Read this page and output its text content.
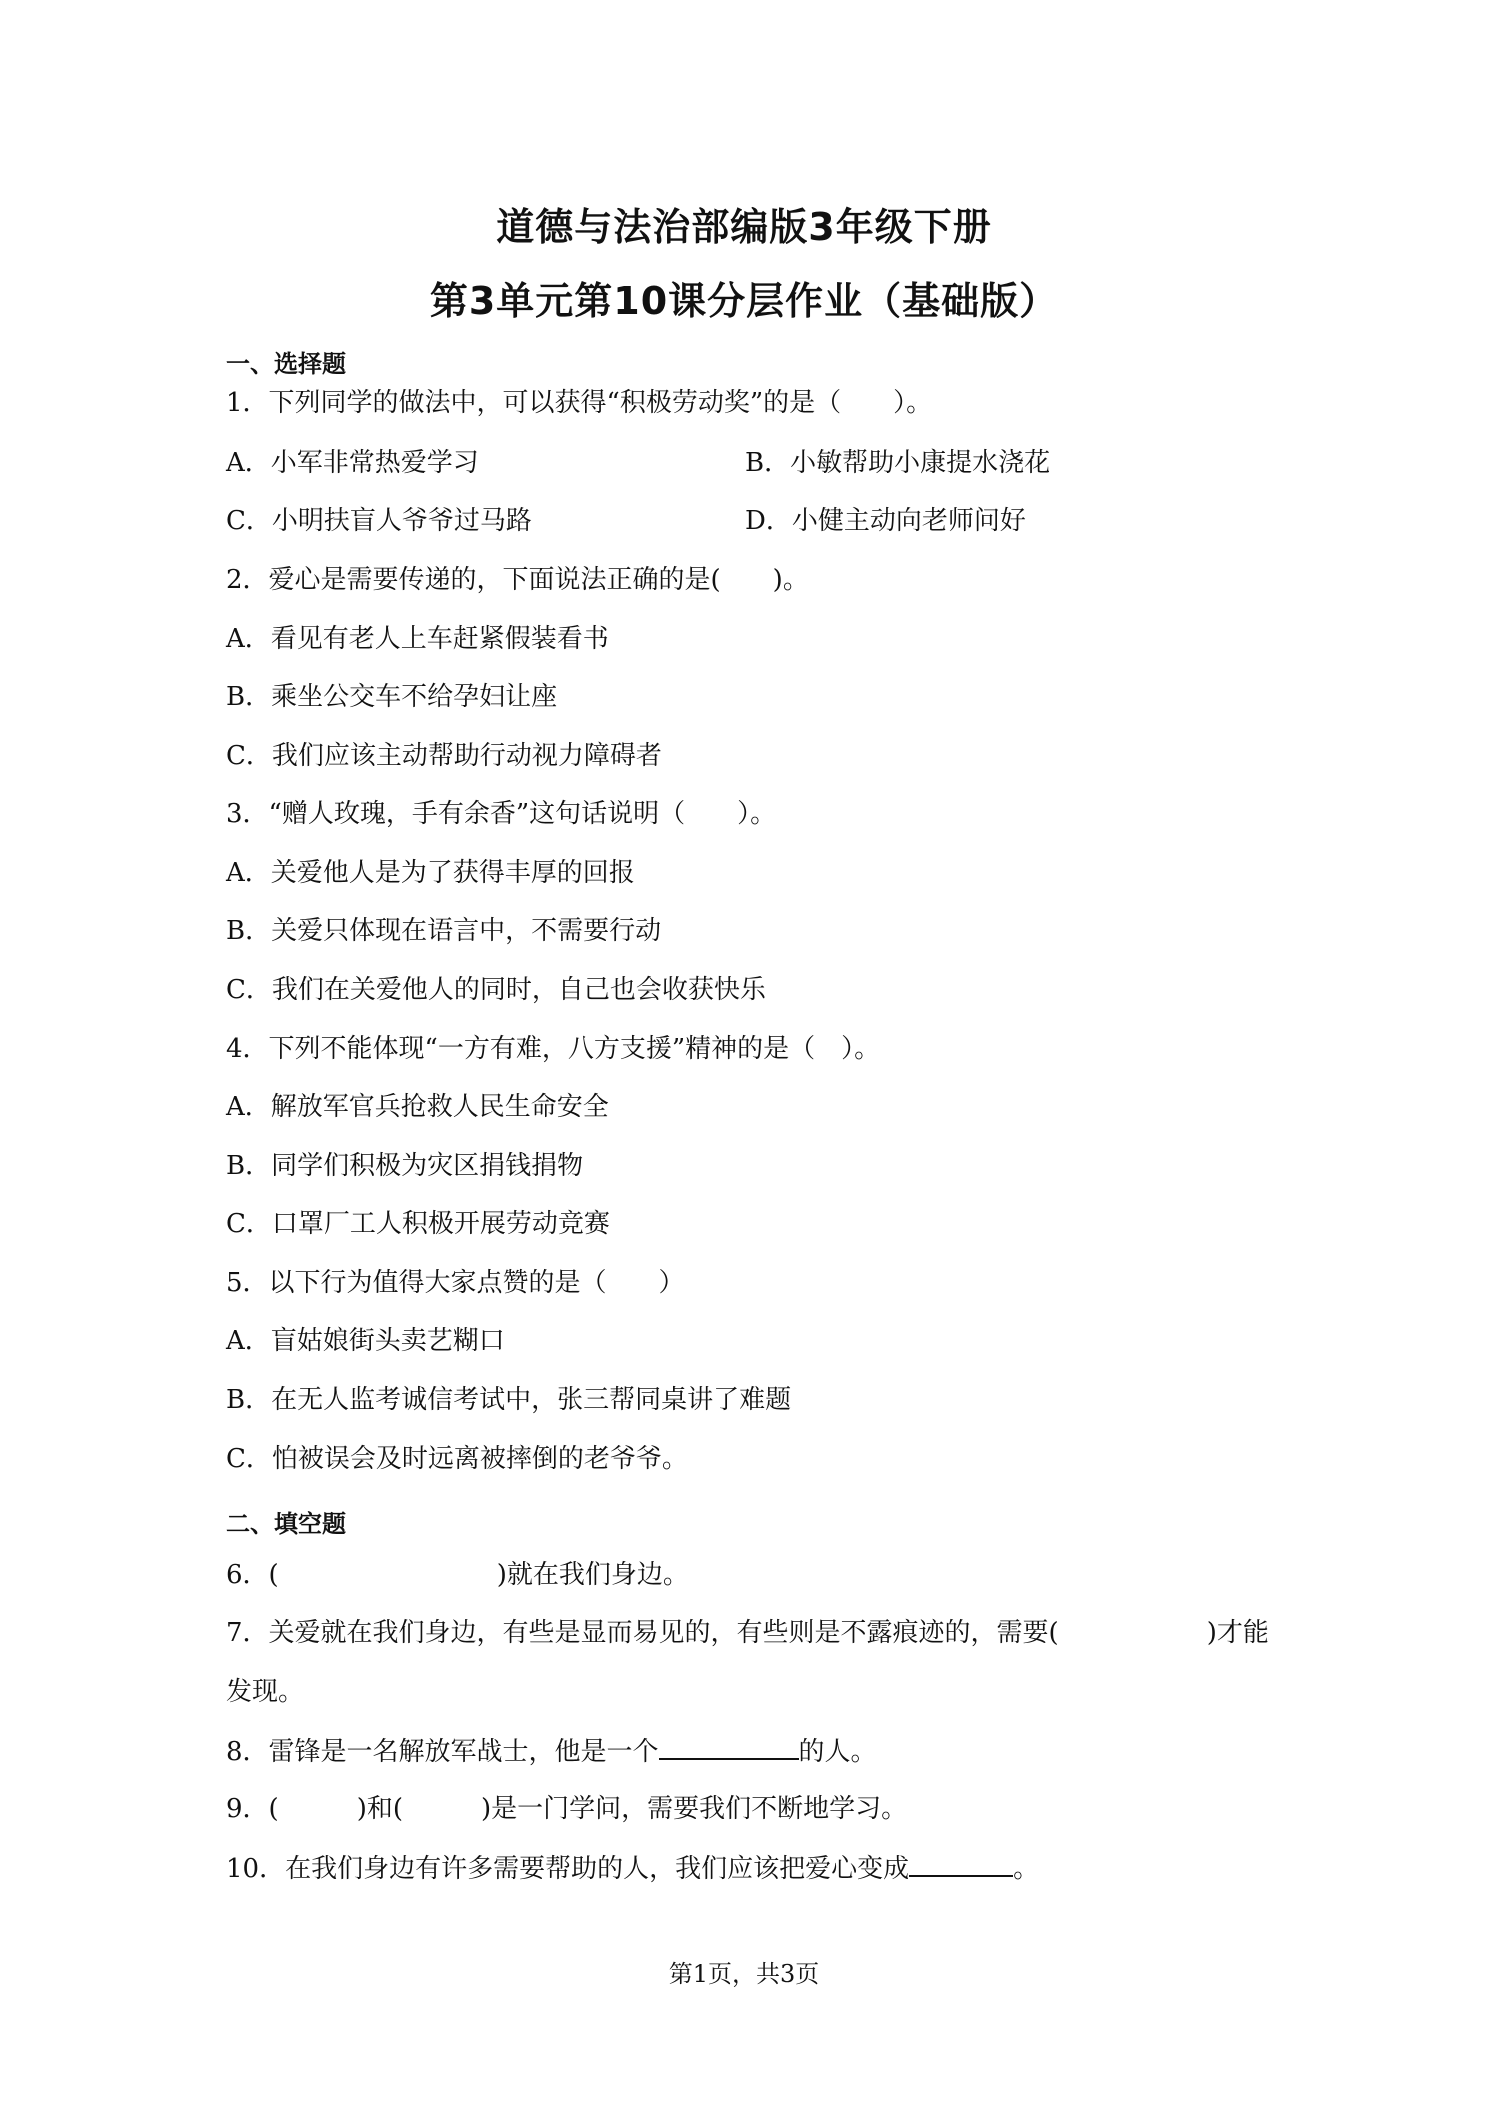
道德与法治部编版3年级下册
第3单元第10课分层作业（基础版）
一、选择题
1．下列同学的做法中，可以获得“积极劳动奖”的是（　　）。
A．小军非常热爱学习	B．小敏帮助小康提水浇花
C．小明扶盲人爷爷过马路	D．小健主动向老师问好
2．爱心是需要传递的，下面说法正确的是(　　)。
A．看见有老人上车赶紧假装看书
B．乘坐公交车不给孕妇让座
C．我们应该主动帮助行动视力障碍者
3．“赠人玫瑰，手有余香”这句话说明（　　）。
A．关爱他人是为了获得丰厚的回报
B．关爱只体现在语言中，不需要行动
C．我们在关爱他人的同时，自己也会收获快乐
4．下列不能体现“一方有难，八方支援”精神的是（　）。
A．解放军官兵抢救人民生命安全
B．同学们积极为灾区捐钱捐物
C．口罩厂工人积极开展劳动竞赛
5．以下行为值得大家点赞的是（　　）
A．盲姑娘街头卖艺糊口
B．在无人监考诚信考试中，张三帮同桌讲了难题
C．怕被误会及时远离被摔倒的老爷爷。
二、填空题
6．(	)就在我们身边。
7．关爱就在我们身边，有些是显而易见的，有些则是不露痕迹的，需要(	)才能
发现。
8．雷锋是一名解放军战士，他是一个	的人。
9．(	)和(	)是一门学问，需要我们不断地学习。
10．在我们身边有许多需要帮助的人，我们应该把爱心变成	。
第1页，共3页
